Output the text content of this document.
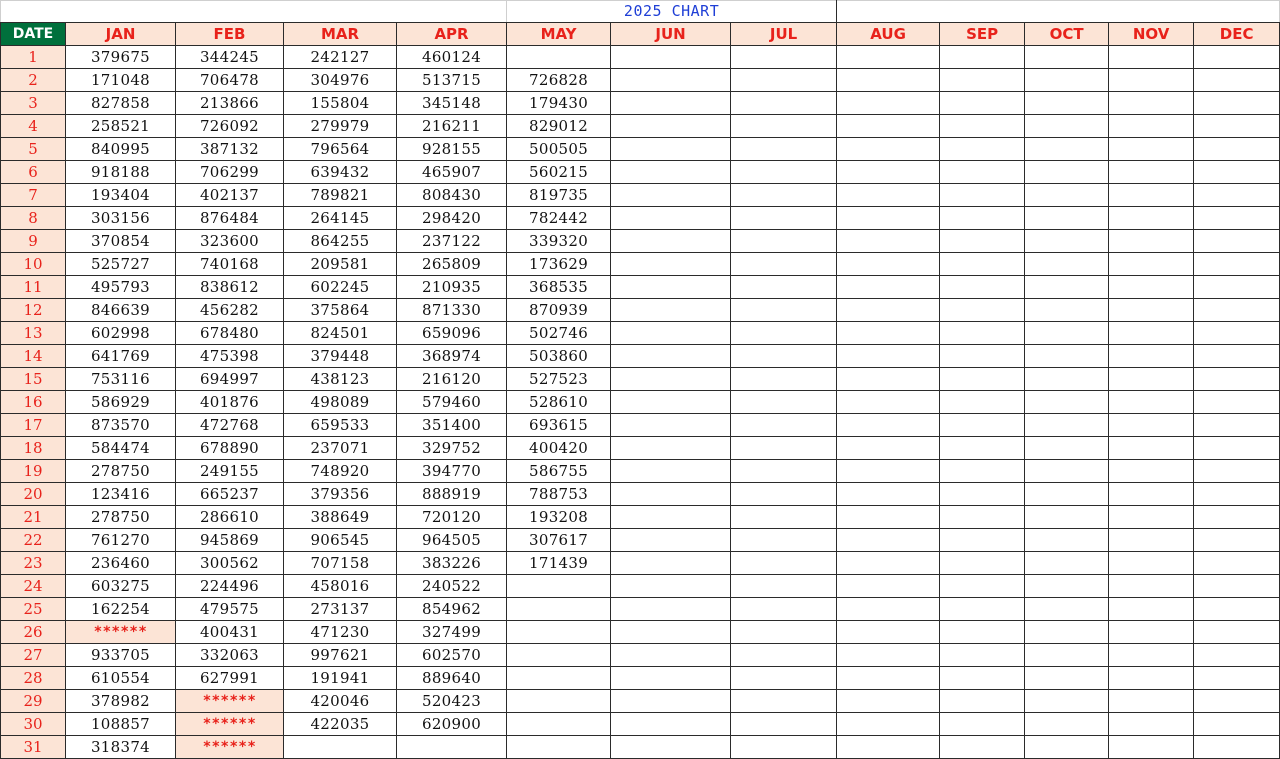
					2025 CHART							
DATE	JAN	FEB	MAR	APR	MAY	JUN	JUL	AUG	SEP	OCT	NOV	DEC
1	379675	344245	242127	460124								
2	171048	706478	304976	513715	726828							
3	827858	213866	155804	345148	179430							
4	258521	726092	279979	216211	829012							
5	840995	387132	796564	928155	500505							
6	918188	706299	639432	465907	560215							
7	193404	402137	789821	808430	819735							
8	303156	876484	264145	298420	782442							
9	370854	323600	864255	237122	339320							
10	525727	740168	209581	265809	173629							
11	495793	838612	602245	210935	368535							
12	846639	456282	375864	871330	870939							
13	602998	678480	824501	659096	502746							
14	641769	475398	379448	368974	503860							
15	753116	694997	438123	216120	527523							
16	586929	401876	498089	579460	528610							
17	873570	472768	659533	351400	693615							
18	584474	678890	237071	329752	400420							
19	278750	249155	748920	394770	586755							
20	123416	665237	379356	888919	788753							
21	278750	286610	388649	720120	193208							
22	761270	945869	906545	964505	307617							
23	236460	300562	707158	383226	171439							
24	603275	224496	458016	240522								
25	162254	479575	273137	854962								
26	******	400431	471230	327499								
27	933705	332063	997621	602570								
28	610554	627991	191941	889640								
29	378982	******	420046	520423								
30	108857	******	422035	620900								
31	318374	******										
